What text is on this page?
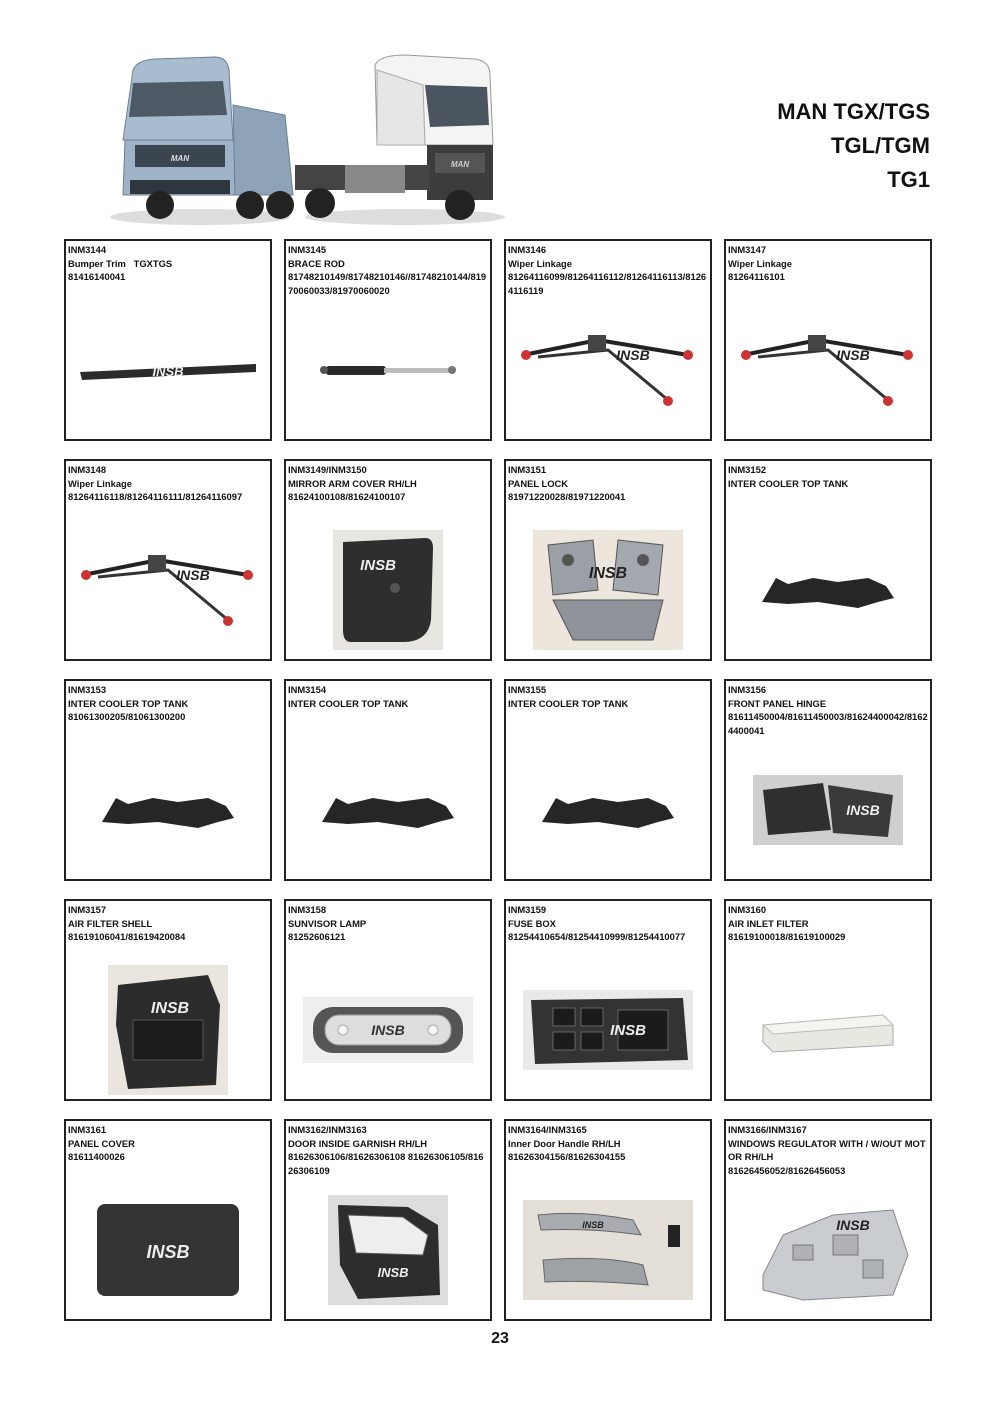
MAN
MAN
MAN TGX/TGS
TGL/TGM
TG1
INM3144
Bumper Trim   TGXTGS
81416140041
INSB
INM3145
BRACE ROD
81748210149/81748210146//81748210144/81970060033/81970060020
INM3146
Wiper Linkage
81264116099/81264116112/81264116113/81264116119
INSB
INM3147
Wiper Linkage
81264116101
INSB
INM3148
Wiper Linkage
81264116118/81264116111/81264116097
INSB
INM3149/INM3150
MIRROR ARM COVER RH/LH
81624100108/81624100107
INSB
INM3151
PANEL LOCK
81971220028/81971220041
INSB
INM3152
INTER COOLER TOP TANK
INM3153
INTER COOLER TOP TANK
81061300205/81061300200
INM3154
INTER COOLER TOP TANK
INM3155
INTER COOLER TOP TANK
INM3156
FRONT PANEL HINGE
81611450004/81611450003/81624400042/81624400041
INSB
INM3157
AIR FILTER SHELL
81619106041/81619420084
INSB
INM3158
SUNVISOR LAMP
81252606121
INSB
INM3159
FUSE BOX
81254410654/81254410999/81254410077
INSB
INM3160
AIR INLET FILTER
81619100018/81619100029
INM3161
PANEL COVER
81611400026
INSB
INM3162/INM3163
DOOR INSIDE GARNISH RH/LH
81626306106/81626306108 81626306105/81626306109
INSB
INM3164/INM3165
Inner Door Handle RH/LH
81626304156/81626304155
INSB
INM3166/INM3167
WINDOWS REGULATOR WITH / W/OUT MOTOR RH/LH
81626456052/81626456053
INSB
23
